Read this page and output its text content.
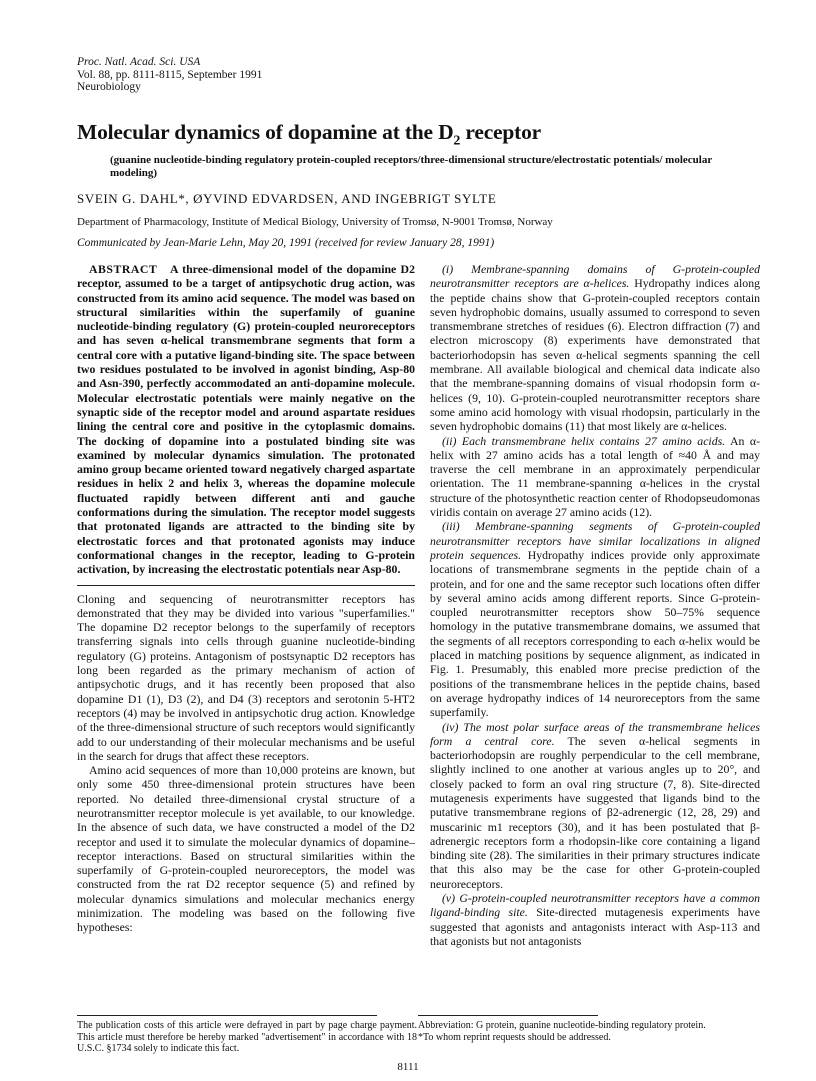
Proc. Natl. Acad. Sci. USA
Vol. 88, pp. 8111-8115, September 1991
Neurobiology
Molecular dynamics of dopamine at the $D_2$ receptor
(guanine nucleotide-binding regulatory protein-coupled receptors/three-dimensional structure/electrostatic potentials/ molecular modeling)
SVEIN G. DAHL*, ØYVIND EDVARDSEN, AND INGEBRIGT SYLTE
Department of Pharmacology, Institute of Medical Biology, University of Tromsø, N-9001 Tromsø, Norway
Communicated by Jean-Marie Lehn, May 20, 1991 (received for review January 28, 1991)

ABSTRACT A three-dimensional model of the dopamine D2 receptor, assumed to be a target of antipsychotic drug action, was constructed from its amino acid sequence. The model was based on structural similarities within the superfamily of guanine nucleotide-binding regulatory (G) protein-coupled neuroreceptors and has seven α-helical transmembrane segments that form a central core with a putative ligand-binding site. The space between two residues postulated to be involved in agonist binding, Asp-80 and Asn-390, perfectly accommodated an anti-dopamine molecule. Molecular electrostatic potentials were mainly negative on the synaptic side of the receptor model and around aspartate residues lining the central core and positive in the cytoplasmic domains. The docking of dopamine into a postulated binding site was examined by molecular dynamics simulation. The protonated amino group became oriented toward negatively charged aspartate residues in helix 2 and helix 3, whereas the dopamine molecule fluctuated rapidly between different anti and gauche conformations during the simulation. The receptor model suggests that protonated ligands are attracted to the binding site by electrostatic forces and that protonated agonists may induce conformational changes in the receptor, leading to G-protein activation, by increasing the electrostatic potentials near Asp-80.

Cloning and sequencing of neurotransmitter receptors has demonstrated that they may be divided into various "superfamilies." The dopamine D2 receptor belongs to the superfamily of receptors transferring signals into cells through guanine nucleotide-binding regulatory (G) proteins. Antagonism of postsynaptic D2 receptors has long been regarded as the primary mechanism of action of antipsychotic drugs, and it has recently been proposed that also dopamine D1 (1), D3 (2), and D4 (3) receptors and serotonin 5-HT2 receptors (4) may be involved in antipsychotic drug action. Knowledge of the three-dimensional structure of such receptors would significantly add to our understanding of their molecular mechanisms and be useful in the search for drugs that affect these receptors.

Amino acid sequences of more than 10,000 proteins are known, but only some 450 three-dimensional protein structures have been reported. No detailed three-dimensional crystal structure of a neurotransmitter receptor molecule is yet available, to our knowledge. In the absence of such data, we have constructed a model of the D2 receptor and used it to simulate the molecular dynamics of dopamine–receptor interactions. Based on structural similarities within the superfamily of G-protein-coupled neuroreceptors, the model was constructed from the rat D2 receptor sequence (5) and refined by molecular dynamics simulations and molecular mechanics energy minimization. The modeling was based on the following five hypotheses:

(i) Membrane-spanning domains of G-protein-coupled neurotransmitter receptors are α-helices. Hydropathy indices along the peptide chains show that G-protein-coupled receptors contain seven hydrophobic domains, usually assumed to correspond to seven transmembrane stretches of residues (6). Electron diffraction (7) and electron microscopy (8) experiments have demonstrated that bacteriorhodopsin has seven α-helical segments spanning the cell membrane. All available biological and chemical data indicate also that the membrane-spanning domains of visual rhodopsin form α-helices (9, 10). G-protein-coupled neurotransmitter receptors share some amino acid homology with visual rhodopsin, particularly in the seven hydrophobic domains (11) that most likely are α-helices.

(ii) Each transmembrane helix contains 27 amino acids. An α-helix with 27 amino acids has a total length of ≈40 Å and may traverse the cell membrane in an approximately perpendicular orientation. The 11 membrane-spanning α-helices in the crystal structure of the photosynthetic reaction center of Rhodopseudomonas viridis contain on average 27 amino acids (12).

(iii) Membrane-spanning segments of G-protein-coupled neurotransmitter receptors have similar localizations in aligned protein sequences. Hydropathy indices provide only approximate locations of transmembrane segments in the peptide chain of a protein, and for one and the same receptor such locations often differ by several amino acids among different reports. Since G-protein-coupled neurotransmitter receptors show 50–75% sequence homology in the putative transmembrane domains, we assumed that the segments of all receptors corresponding to each α-helix would be placed in matching positions by sequence alignment, as indicated in Fig. 1. Presumably, this enabled more precise prediction of the positions of the transmembrane helices in the peptide chains, based on average hydropathy indices of 14 neuroreceptors from the same superfamily.

(iv) The most polar surface areas of the transmembrane helices form a central core. The seven α-helical segments in bacteriorhodopsin are roughly perpendicular to the cell membrane, slightly inclined to one another at various angles up to 20°, and closely packed to form an oval ring structure (7, 8). Site-directed mutagenesis experiments have suggested that ligands bind to the putative transmembrane regions of β2-adrenergic (12, 28, 29) and muscarinic m1 receptors (30), and it has been postulated that β-adrenergic receptors form a rhodopsin-like core containing a ligand binding site (28). The similarities in their primary structures indicate that this also may be the case for other G-protein-coupled neuroreceptors.

(v) G-protein-coupled neurotransmitter receptors have a common ligand-binding site. Site-directed mutagenesis experiments have suggested that agonists and antagonists interact with Asp-113 and that agonists but not antagonists

The publication costs of this article were defrayed in part by page charge payment. This article must therefore be hereby marked "advertisement" in accordance with 18 U.S.C. §1734 solely to indicate this fact.

Abbreviation: G protein, guanine nucleotide-binding regulatory protein.

*To whom reprint requests should be addressed.

8111
